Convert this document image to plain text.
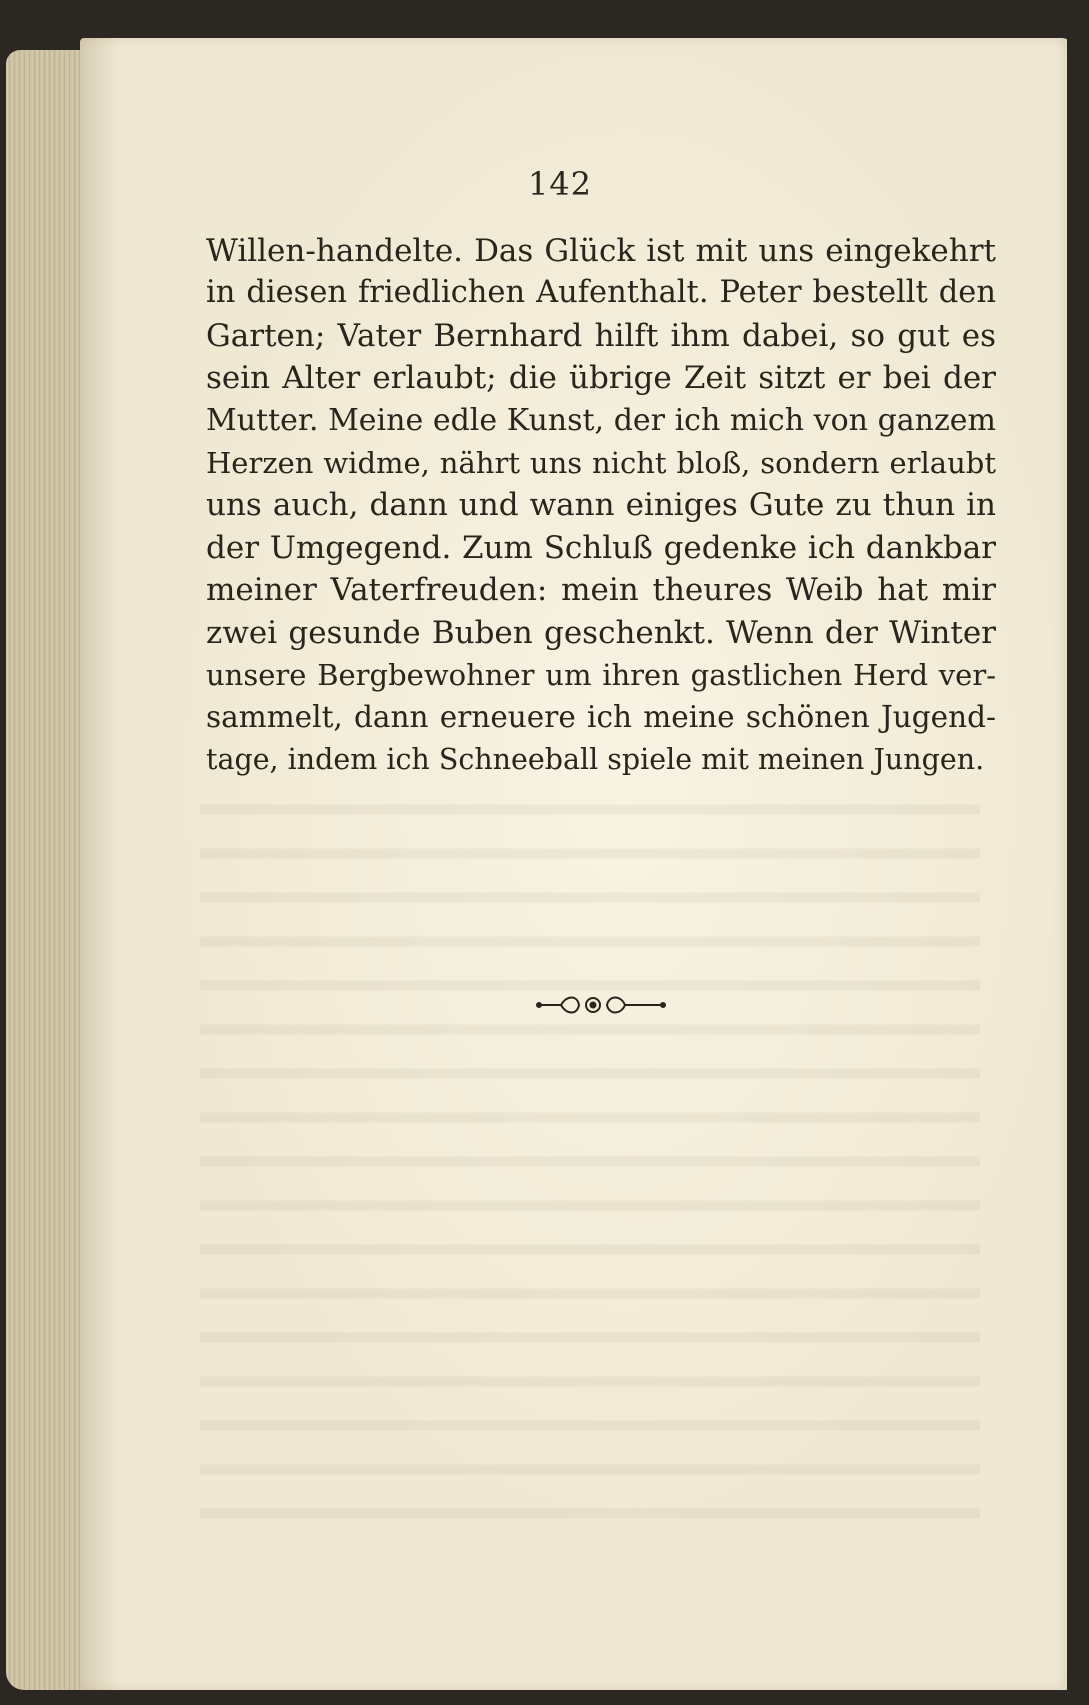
142
Willen-handelte. Das Glück ist mit uns eingekehrt
in diesen friedlichen Aufenthalt. Peter bestellt den
Garten; Vater Bernhard hilft ihm dabei, so gut es
sein Alter erlaubt; die übrige Zeit sitzt er bei der
Mutter. Meine edle Kunst, der ich mich von ganzem
Herzen widme, nährt uns nicht bloß, sondern erlaubt
uns auch, dann und wann einiges Gute zu thun in
der Umgegend. Zum Schluß gedenke ich dankbar
meiner Vaterfreuden: mein theures Weib hat mir
zwei gesunde Buben geschenkt. Wenn der Winter
unsere Bergbewohner um ihren gastlichen Herd ver-
sammelt, dann erneuere ich meine schönen Jugend-
tage, indem ich Schneeball spiele mit meinen Jungen.
